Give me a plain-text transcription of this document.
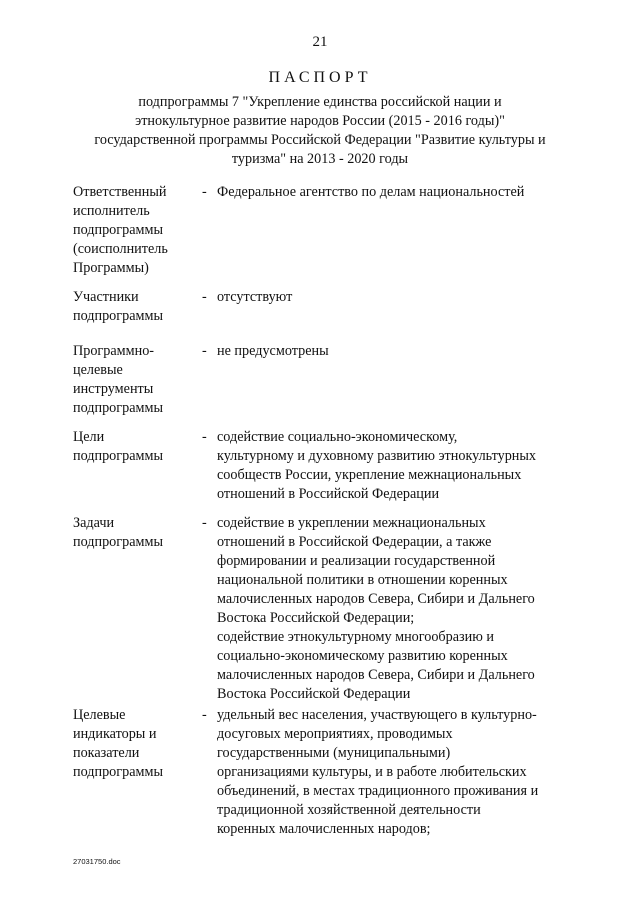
21
ПАСПОРТ
подпрограммы 7 "Укрепление единства российской нации и
этнокультурное развитие народов России (2015 - 2016 годы)"
государственной программы Российской Федерации "Развитие культуры и
туризма" на 2013 - 2020 годы
Ответственный
исполнитель
подпрограммы
(соисполнитель
Программы)
- Федеральное агентство по делам национальностей
Участники
подпрограммы
- отсутствуют
Программно-
целевые
инструменты
подпрограммы
- не предусмотрены
Цели
подпрограммы
- содействие социально-экономическому,
культурному и духовному развитию этнокультурных
сообществ России, укрепление межнациональных
отношений в Российской Федерации
Задачи
подпрограммы
- содействие в укреплении межнациональных
отношений в Российской Федерации, а также
формировании и реализации государственной
национальной политики в отношении коренных
малочисленных народов Севера, Сибири и Дальнего
Востока Российской Федерации;
содействие этнокультурному многообразию и
социально-экономическому развитию коренных
малочисленных народов Севера, Сибири и Дальнего
Востока Российской Федерации
Целевые
индикаторы и
показатели
подпрограммы
- удельный вес населения, участвующего в культурно-
досуговых мероприятиях, проводимых
государственными (муниципальными)
организациями культуры, и в работе любительских
объединений, в местах традиционного проживания и
традиционной хозяйственной деятельности
коренных малочисленных народов;
27031750.doc
